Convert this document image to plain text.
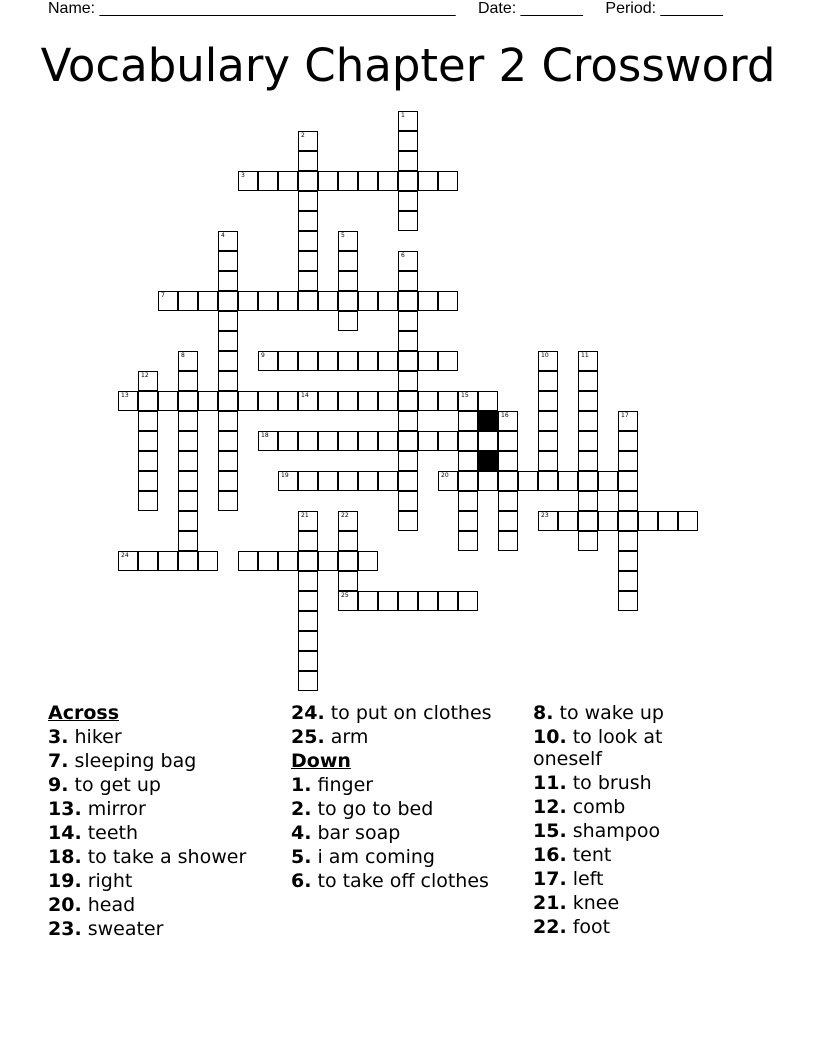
Name: ________________________________________ Date: _______ Period: _______
Vocabulary Chapter 2 Crossword
1
2
3
4	5
6
7
8	9	10	11
12
13	14	15
16	17
18
19	20
23
21	22
25
24
Across
3. hiker
7. sleeping bag
9. to get up
13. mirror
14. teeth
18. to take a shower
19. right
20. head
23. sweater
24. to put on clothes
25. arm
Down
1. finger
2. to go to bed
4. bar soap
5. i am coming
6. to take off clothes
8. to wake up
10. to look at oneself
11. to brush
12. comb
15. shampoo
16. tent
17. left
21. knee
22. foot
